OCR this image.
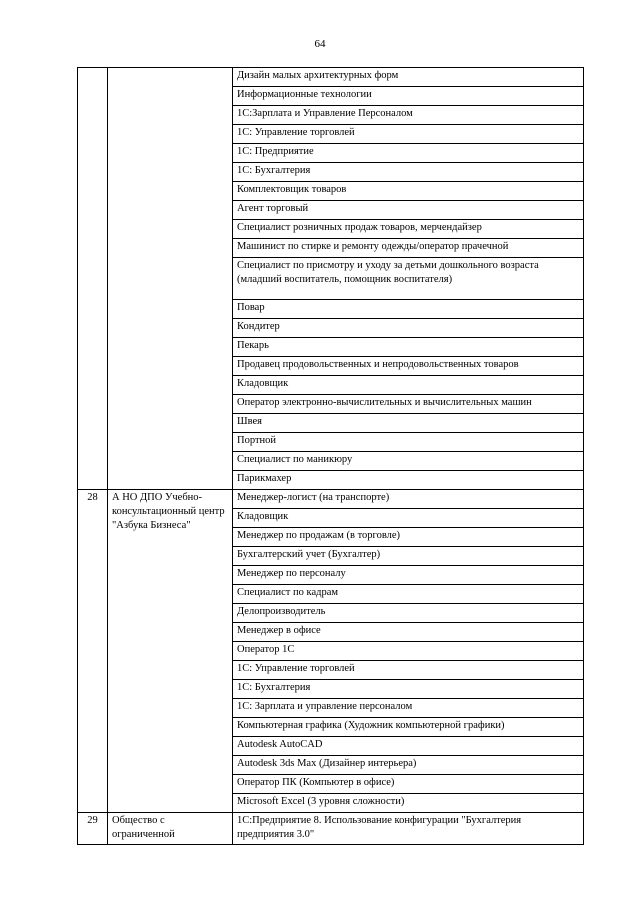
64
		Дизайн малых архитектурных форм
		Информационные технологии
		1С:Зарплата и Управление Персоналом
		1С: Управление торговлей
		1С: Предприятие
		1С: Бухгалтерия
		Комплектовщик товаров
		Агент торговый
		Специалист розничных продаж товаров, мерчендайзер
		Машинист по стирке и ремонту одежды/оператор прачечной
		Специалист по присмотру и уходу за детьми дошкольного возраста (младший воспитатель, помощник воспитателя)
		Повар
		Кондитер
		Пекарь
		Продавец продовольственных и непродовольственных товаров
		Кладовщик
		Оператор электронно-вычислительных и вычислительных машин
		Швея
		Портной
		Специалист по маникюру
		Парикмахер
28	А НО ДПО Учебно-консультационный центр "Азбука Бизнеса"	Менеджер-логист (на транспорте)
		Кладовщик
		Менеджер по продажам (в торговле)
		Бухгалтерский учет (Бухгалтер)
		Менеджер по персоналу
		Специалист по кадрам
		Делопроизводитель
		Менеджер в офисе
		Оператор 1С
		1С: Управление торговлей
		1С: Бухгалтерия
		1С: Зарплата и управление персоналом
		Компьютерная графика (Художник компьютерной графики)
		Autodesk AutoCAD
		Autodesk 3ds Max (Дизайнер интерьера)
		Оператор ПК (Компьютер в офисе)
		Microsoft Excel (3 уровня сложности)
29	Общество с ограниченной	1С:Предприятие 8. Использование конфигурации "Бухгалтерия предприятия 3.0"
